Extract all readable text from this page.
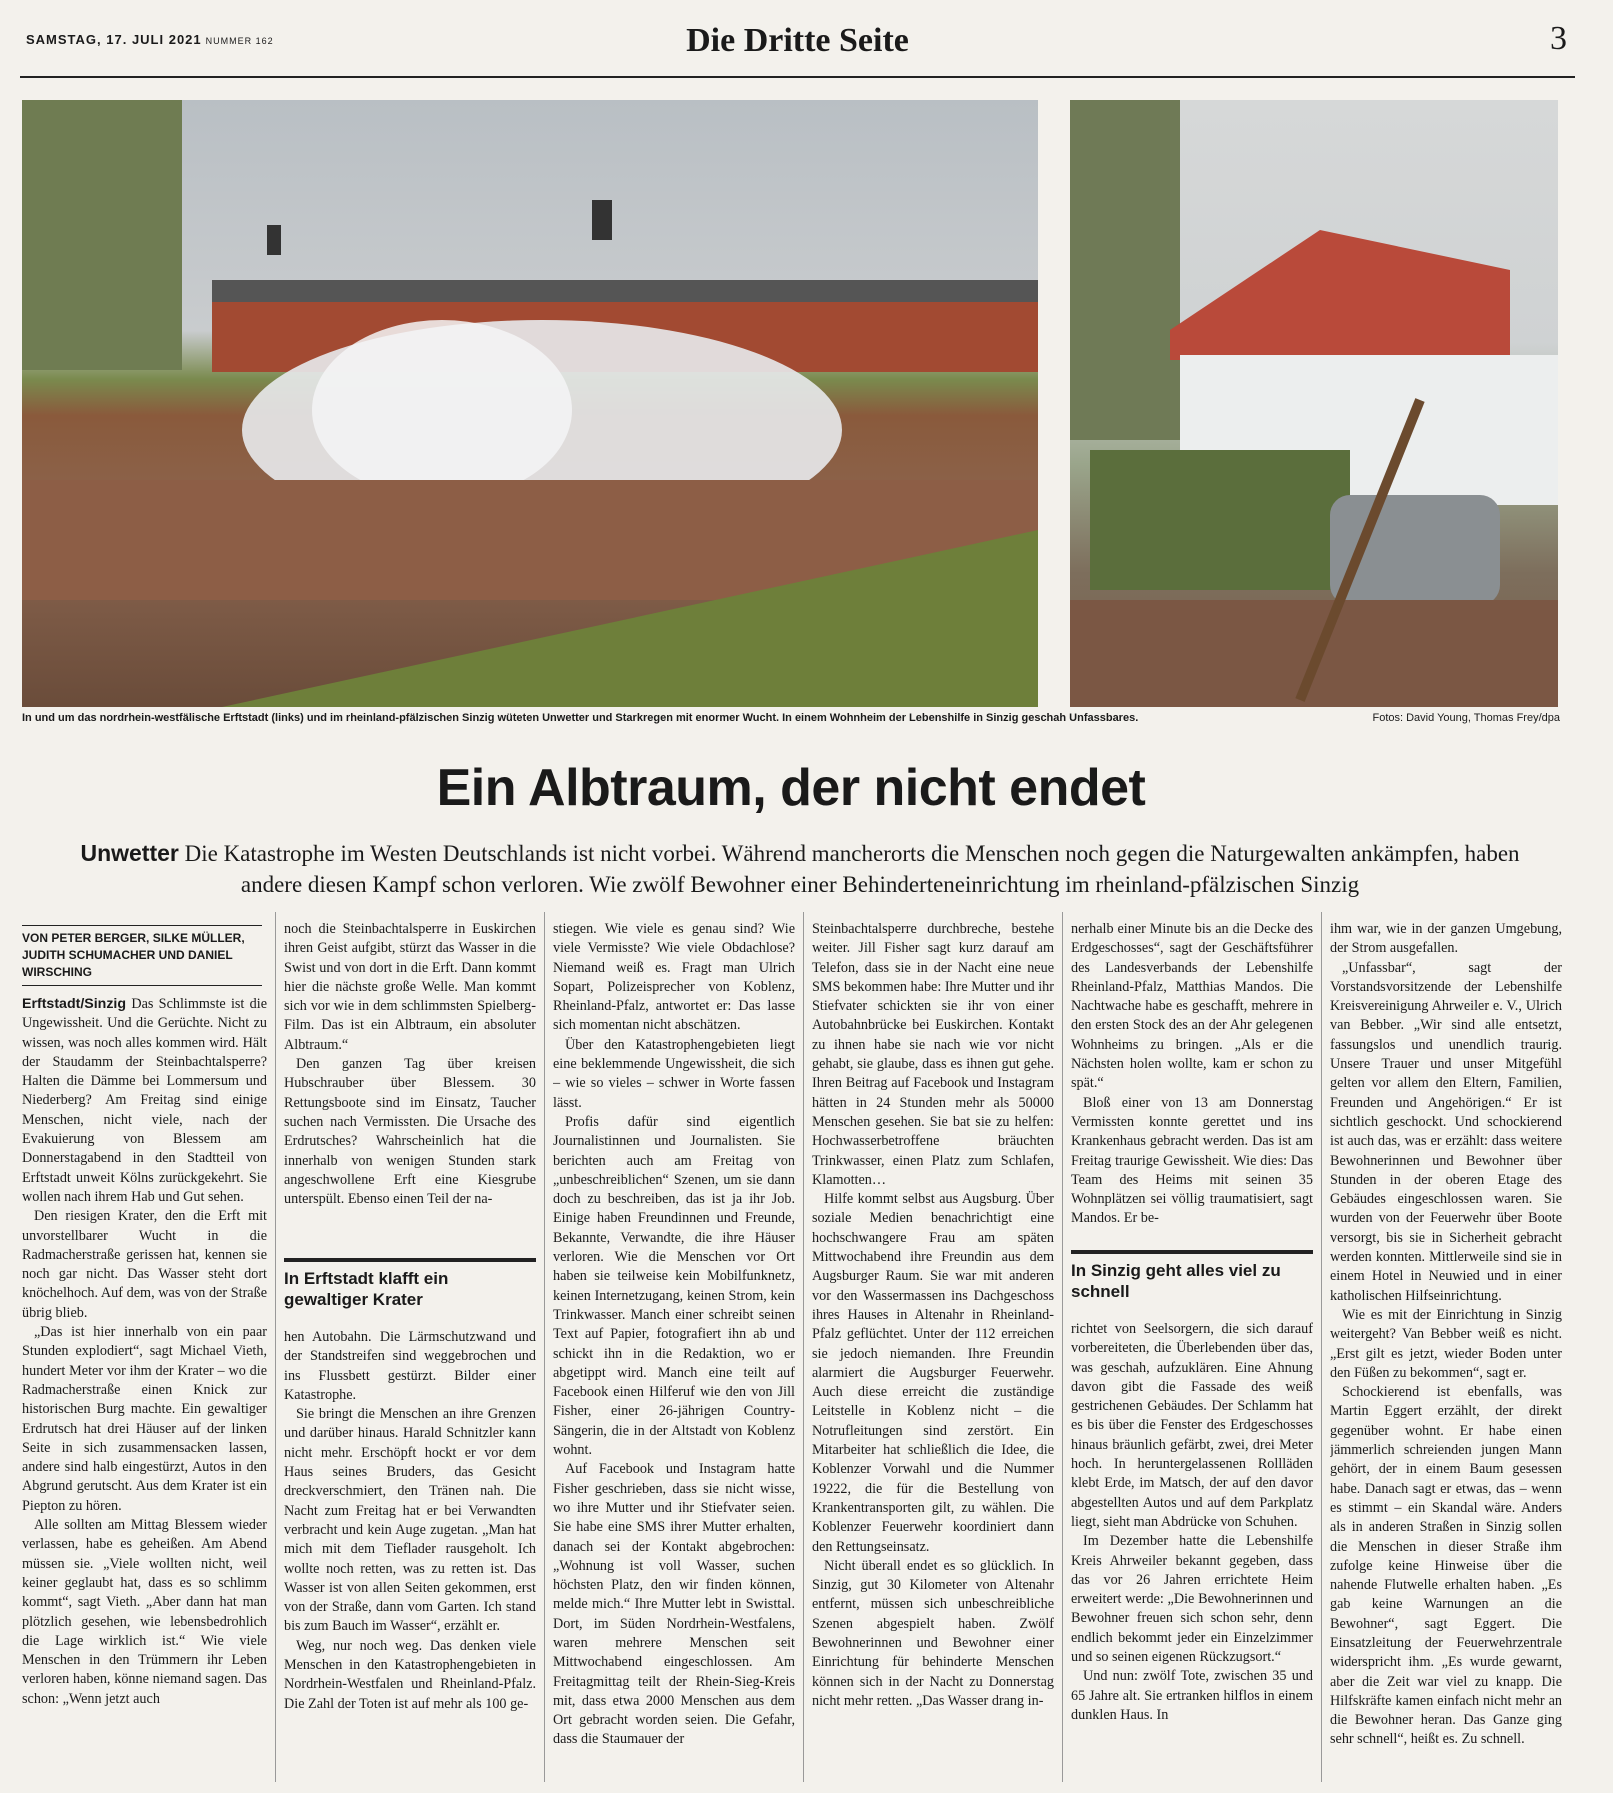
SAMSTAG, 17. JULI 2021 NUMMER 162	Die Dritte Seite	3
In und um das nordrhein-westfälische Erftstadt (links) und im rheinland-pfälzischen Sinzig wüteten Unwetter und Starkregen mit enormer Wucht. In einem Wohnheim der Lebenshilfe in Sinzig geschah Unfassbares.	Fotos: David Young, Thomas Frey/dpa
Ein Albtraum, der nicht endet
Unwetter Die Katastrophe im Westen Deutschlands ist nicht vorbei. Während mancherorts die Menschen noch gegen die Naturgewalten ankämpfen, haben andere diesen Kampf schon verloren. Wie zwölf Bewohner einer Behinderteneinrichtung im rheinland-pfälzischen Sinzig
VON PETER BERGER, SILKE MÜLLER, JUDITH SCHUMACHER UND DANIEL WIRSCHING

Erftstadt/Sinzig Das Schlimmste ist die Ungewissheit. Und die Gerüchte. Nicht zu wissen, was noch alles kommen wird. Hält der Staudamm der Steinbachtalsperre? Halten die Dämme bei Lommersum und Niederberg? Am Freitag sind einige Menschen, nicht viele, nach der Evakuierung von Blessem am Donnerstagabend in den Stadtteil von Erftstadt unweit Kölns zurückgekehrt. Sie wollen nach ihrem Hab und Gut sehen.

Den riesigen Krater, den die Erft mit unvorstellbarer Wucht in die Radmacherstraße gerissen hat, kennen sie noch gar nicht. Das Wasser steht dort knöchelhoch. Auf dem, was von der Straße übrig blieb.

„Das ist hier innerhalb von ein paar Stunden explodiert“, sagt Michael Vieth, hundert Meter vor ihm der Krater – wo die Radmacherstraße einen Knick zur historischen Burg machte. Ein gewaltiger Erdrutsch hat drei Häuser auf der linken Seite in sich zusammensacken lassen, andere sind halb eingestürzt, Autos in den Abgrund gerutscht. Aus dem Krater ist ein Piepton zu hören.

Alle sollten am Mittag Blessem wieder verlassen, habe es geheißen. Am Abend müssen sie. „Viele wollten nicht, weil keiner geglaubt hat, dass es so schlimm kommt“, sagt Vieth. „Aber dann hat man plötzlich gesehen, wie lebensbedrohlich die Lage wirklich ist.“ Wie viele Menschen in den Trümmern ihr Leben verloren haben, könne niemand sagen. Das schon: „Wenn jetzt auch

noch die Steinbachtalsperre in Euskirchen ihren Geist aufgibt, stürzt das Wasser in die Swist und von dort in die Erft. Dann kommt hier die nächste große Welle. Man kommt sich vor wie in dem schlimmsten Spielberg-Film. Das ist ein Albtraum, ein absoluter Albtraum.“

Den ganzen Tag über kreisen Hubschrauber über Blessem. 30 Rettungsboote sind im Einsatz, Taucher suchen nach Vermissten. Die Ursache des Erdrutsches? Wahrscheinlich hat die innerhalb von wenigen Stunden stark angeschwollene Erft eine Kiesgrube unterspült. Ebenso einen Teil der na-

In Erftstadt klafft ein gewaltiger Krater

hen Autobahn. Die Lärmschutzwand und der Standstreifen sind weggebrochen und ins Flussbett gestürzt. Bilder einer Katastrophe.

Sie bringt die Menschen an ihre Grenzen und darüber hinaus. Harald Schnitzler kann nicht mehr. Erschöpft hockt er vor dem Haus seines Bruders, das Gesicht dreckverschmiert, den Tränen nah. Die Nacht zum Freitag hat er bei Verwandten verbracht und kein Auge zugetan. „Man hat mich mit dem Tieflader rausgeholt. Ich wollte noch retten, was zu retten ist. Das Wasser ist von allen Seiten gekommen, erst von der Straße, dann vom Garten. Ich stand bis zum Bauch im Wasser“, erzählt er.

Weg, nur noch weg. Das denken viele Menschen in den Katastrophengebieten in Nordrhein-Westfalen und Rheinland-Pfalz. Die Zahl der Toten ist auf mehr als 100 ge-

stiegen. Wie viele es genau sind? Wie viele Vermisste? Wie viele Obdachlose? Niemand weiß es. Fragt man Ulrich Sopart, Polizeisprecher von Koblenz, Rheinland-Pfalz, antwortet er: Das lasse sich momentan nicht abschätzen.

Über den Katastrophengebieten liegt eine beklemmende Ungewissheit, die sich – wie so vieles – schwer in Worte fassen lässt.

Profis dafür sind eigentlich Journalistinnen und Journalisten. Sie berichten auch am Freitag von „unbeschreiblichen“ Szenen, um sie dann doch zu beschreiben, das ist ja ihr Job. Einige haben Freundinnen und Freunde, Bekannte, Verwandte, die ihre Häuser verloren. Wie die Menschen vor Ort haben sie teilweise kein Mobilfunknetz, keinen Internetzugang, keinen Strom, kein Trinkwasser. Manch einer schreibt seinen Text auf Papier, fotografiert ihn ab und schickt ihn in die Redaktion, wo er abgetippt wird. Manch eine teilt auf Facebook einen Hilferuf wie den von Jill Fisher, einer 26-jährigen Country-Sängerin, die in der Altstadt von Koblenz wohnt.

Auf Facebook und Instagram hatte Fisher geschrieben, dass sie nicht wisse, wo ihre Mutter und ihr Stiefvater seien. Sie habe eine SMS ihrer Mutter erhalten, danach sei der Kontakt abgebrochen: „Wohnung ist voll Wasser, suchen höchsten Platz, den wir finden können, melde mich.“ Ihre Mutter lebt in Swisttal. Dort, im Süden Nordrhein-Westfalens, waren mehrere Menschen seit Mittwochabend eingeschlossen. Am Freitagmittag teilt der Rhein-Sieg-Kreis mit, dass etwa 2000 Menschen aus dem Ort gebracht worden seien. Die Gefahr, dass die Staumauer der

Steinbachtalsperre durchbreche, bestehe weiter. Jill Fisher sagt kurz darauf am Telefon, dass sie in der Nacht eine neue SMS bekommen habe: Ihre Mutter und ihr Stiefvater schickten sie ihr von einer Autobahnbrücke bei Euskirchen. Kontakt zu ihnen habe sie nach wie vor nicht gehabt, sie glaube, dass es ihnen gut gehe. Ihren Beitrag auf Facebook und Instagram hätten in 24 Stunden mehr als 50000 Menschen gesehen. Sie bat sie zu helfen: Hochwasserbetroffene bräuchten Trinkwasser, einen Platz zum Schlafen, Klamotten…

Hilfe kommt selbst aus Augsburg. Über soziale Medien benachrichtigt eine hochschwangere Frau am späten Mittwochabend ihre Freundin aus dem Augsburger Raum. Sie war mit anderen vor den Wassermassen ins Dachgeschoss ihres Hauses in Altenahr in Rheinland-Pfalz geflüchtet. Unter der 112 erreichen sie jedoch niemanden. Ihre Freundin alarmiert die Augsburger Feuerwehr. Auch diese erreicht die zuständige Leitstelle in Koblenz nicht – die Notrufleitungen sind zerstört. Ein Mitarbeiter hat schließlich die Idee, die Koblenzer Vorwahl und die Nummer 19222, die für die Bestellung von Krankentransporten gilt, zu wählen. Die Koblenzer Feuerwehr koordiniert dann den Rettungseinsatz.

Nicht überall endet es so glücklich. In Sinzig, gut 30 Kilometer von Altenahr entfernt, müssen sich unbeschreibliche Szenen abgespielt haben. Zwölf Bewohnerinnen und Bewohner einer Einrichtung für behinderte Menschen können sich in der Nacht zu Donnerstag nicht mehr retten. „Das Wasser drang in-

nerhalb einer Minute bis an die Decke des Erdgeschosses“, sagt der Geschäftsführer des Landesverbands der Lebenshilfe Rheinland-Pfalz, Matthias Mandos. Die Nachtwache habe es geschafft, mehrere in den ersten Stock des an der Ahr gelegenen Wohnheims zu bringen. „Als er die Nächsten holen wollte, kam er schon zu spät.“

Bloß einer von 13 am Donnerstag Vermissten konnte gerettet und ins Krankenhaus gebracht werden. Das ist am Freitag traurige Gewissheit. Wie dies: Das Team des Heims mit seinen 35 Wohnplätzen sei völlig traumatisiert, sagt Mandos. Er be-

In Sinzig geht alles viel zu schnell

richtet von Seelsorgern, die sich darauf vorbereiteten, die Überlebenden über das, was geschah, aufzuklären. Eine Ahnung davon gibt die Fassade des weiß gestrichenen Gebäudes. Der Schlamm hat es bis über die Fenster des Erdgeschosses hinaus bräunlich gefärbt, zwei, drei Meter hoch. In heruntergelassenen Rollläden klebt Erde, im Matsch, der auf den davor abgestellten Autos und auf dem Parkplatz liegt, sieht man Abdrücke von Schuhen.

Im Dezember hatte die Lebenshilfe Kreis Ahrweiler bekannt gegeben, dass das vor 26 Jahren errichtete Heim erweitert werde: „Die Bewohnerinnen und Bewohner freuen sich schon sehr, denn endlich bekommt jeder ein Einzelzimmer und so seinen eigenen Rückzugsort.“

Und nun: zwölf Tote, zwischen 35 und 65 Jahre alt. Sie ertranken hilflos in einem dunklen Haus. In

ihm war, wie in der ganzen Umgebung, der Strom ausgefallen.

„Unfassbar“, sagt der Vorstandsvorsitzende der Lebenshilfe Kreisvereinigung Ahrweiler e. V., Ulrich van Bebber. „Wir sind alle entsetzt, fassungslos und unendlich traurig. Unsere Trauer und unser Mitgefühl gelten vor allem den Eltern, Familien, Freunden und Angehörigen.“ Er ist sichtlich geschockt. Und schockierend ist auch das, was er erzählt: dass weitere Bewohnerinnen und Bewohner über Stunden in der oberen Etage des Gebäudes eingeschlossen waren. Sie wurden von der Feuerwehr über Boote versorgt, bis sie in Sicherheit gebracht werden konnten. Mittlerweile sind sie in einem Hotel in Neuwied und in einer katholischen Hilfseinrichtung.

Wie es mit der Einrichtung in Sinzig weitergeht? Van Bebber weiß es nicht. „Erst gilt es jetzt, wieder Boden unter den Füßen zu bekommen“, sagt er.

Schockierend ist ebenfalls, was Martin Eggert erzählt, der direkt gegenüber wohnt. Er habe einen jämmerlich schreienden jungen Mann gehört, der in einem Baum gesessen habe. Danach sagt er etwas, das – wenn es stimmt – ein Skandal wäre. Anders als in anderen Straßen in Sinzig sollen die Menschen in dieser Straße ihm zufolge keine Hinweise über die nahende Flutwelle erhalten haben. „Es gab keine Warnungen an die Bewohner“, sagt Eggert. Die Einsatzleitung der Feuerwehrzentrale widerspricht ihm. „Es wurde gewarnt, aber die Zeit war viel zu knapp. Die Hilfskräfte kamen einfach nicht mehr an die Bewohner heran. Das Ganze ging sehr schnell“, heißt es. Zu schnell.
